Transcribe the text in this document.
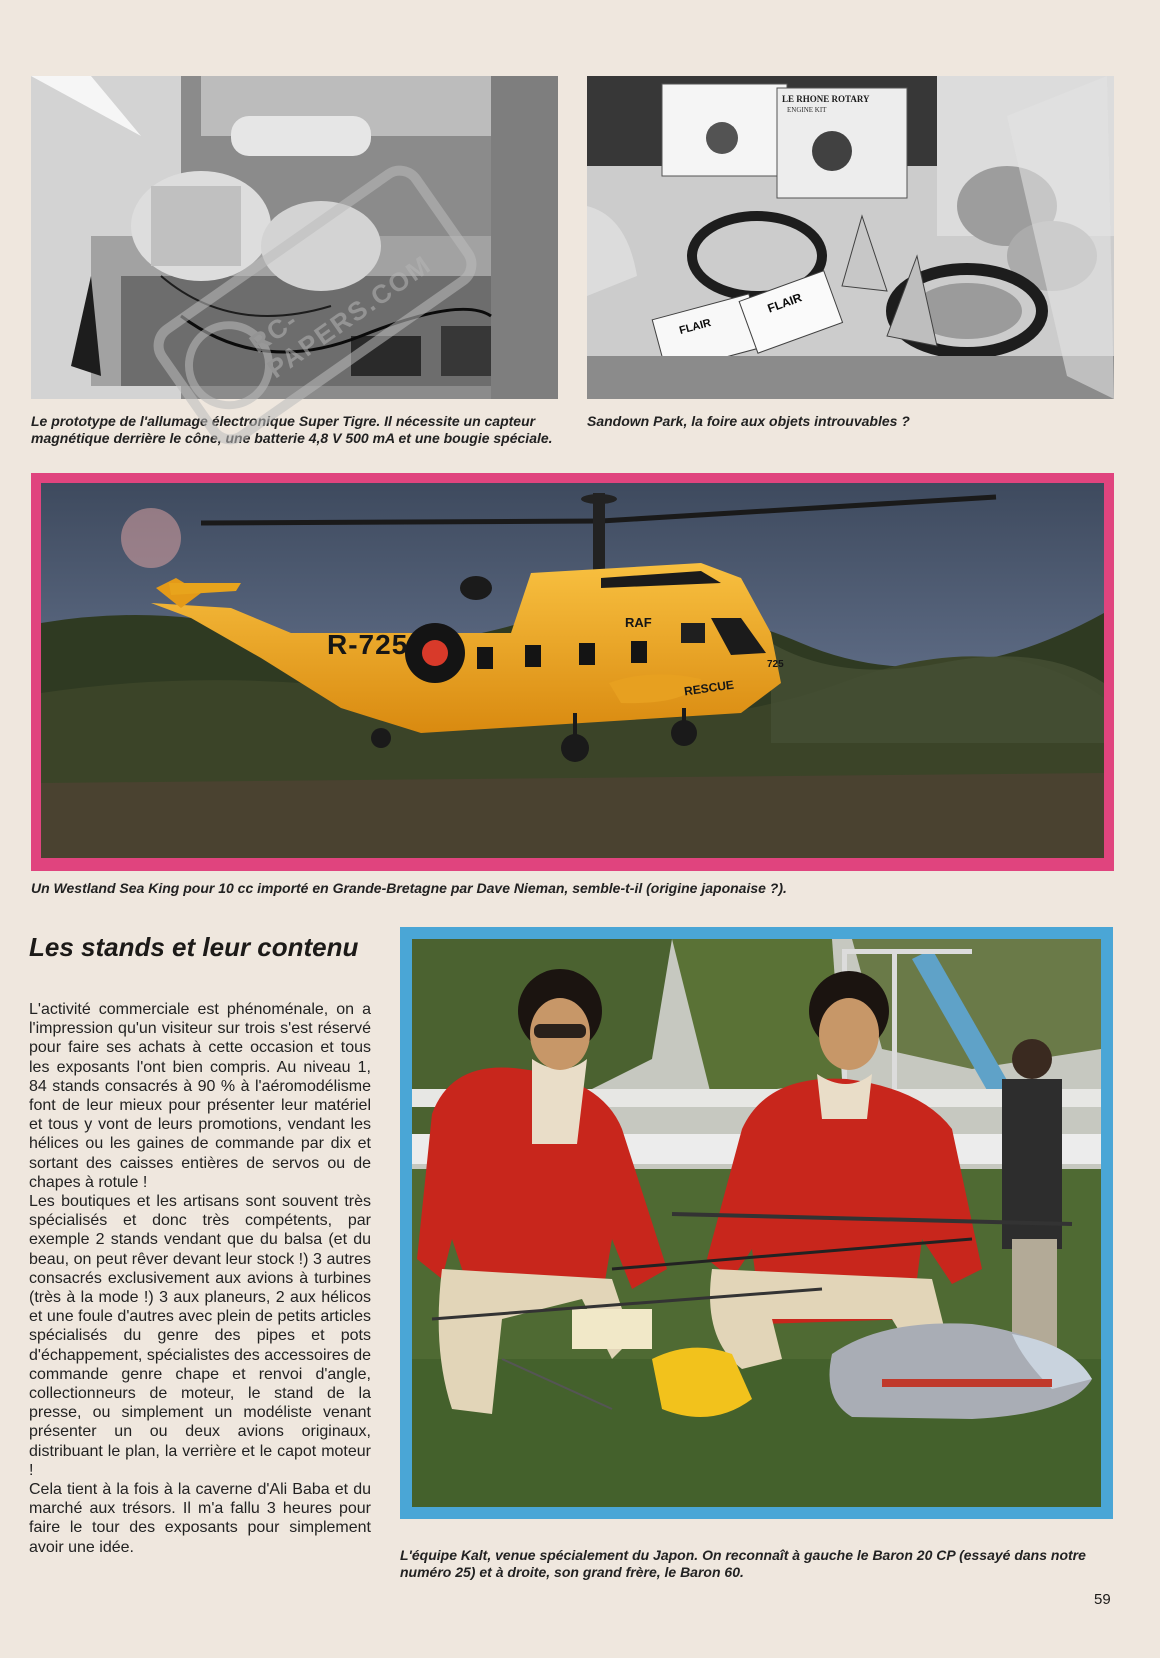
Le prototype de l'allumage électronique Super Tigre. Il nécessite un capteur magnétique derrière le cône, une batterie 4,8 V 500 mA et une bougie spéciale.
RC-PAPERS.COM
LE RHONE ROTARY
ENGINE KIT
FLAIR
FLAIR
Sandown Park, la foire aux objets introuvables ?
R-725
RAF
725
RESCUE
Un Westland Sea King pour 10 cc importé en Grande-Bretagne par Dave Nieman, semble-t-il (origine japonaise ?).
Les stands et leur contenu

L'activité commerciale est phénoménale, on a l'impression qu'un visiteur sur trois s'est réservé pour faire ses achats à cette occasion et tous les exposants l'ont bien compris. Au niveau 1, 84 stands consacrés à 90 % à l'aéromodélisme font de leur mieux pour présenter leur matériel et tous y vont de leurs promotions, vendant les hélices ou les gaines de commande par dix et sortant des caisses entières de servos ou de chapes à rotule !

Les boutiques et les artisans sont souvent très spécialisés et donc très compétents, par exemple 2 stands vendant que du balsa (et du beau, on peut rêver devant leur stock !) 3 autres consacrés exclusivement aux avions à turbines (très à la mode !) 3 aux planeurs, 2 aux hélicos et une foule d'autres avec plein de petits articles spécialisés du genre des pipes et pots d'échappement, spécialistes des accessoires de commande genre chape et renvoi d'angle, collectionneurs de moteur, le stand de la presse, ou simplement un modéliste venant présenter un ou deux avions originaux, distribuant le plan, la verrière et le capot moteur !

Cela tient à la fois à la caverne d'Ali Baba et du marché aux trésors. Il m'a fallu 3 heures pour faire le tour des exposants pour simplement avoir une idée.	L'équipe Kalt, venue spécialement du Japon. On reconnaît à gauche le Baron 20 CP (essayé dans notre numéro 25) et à droite, son grand frère, le Baron 60.
59
